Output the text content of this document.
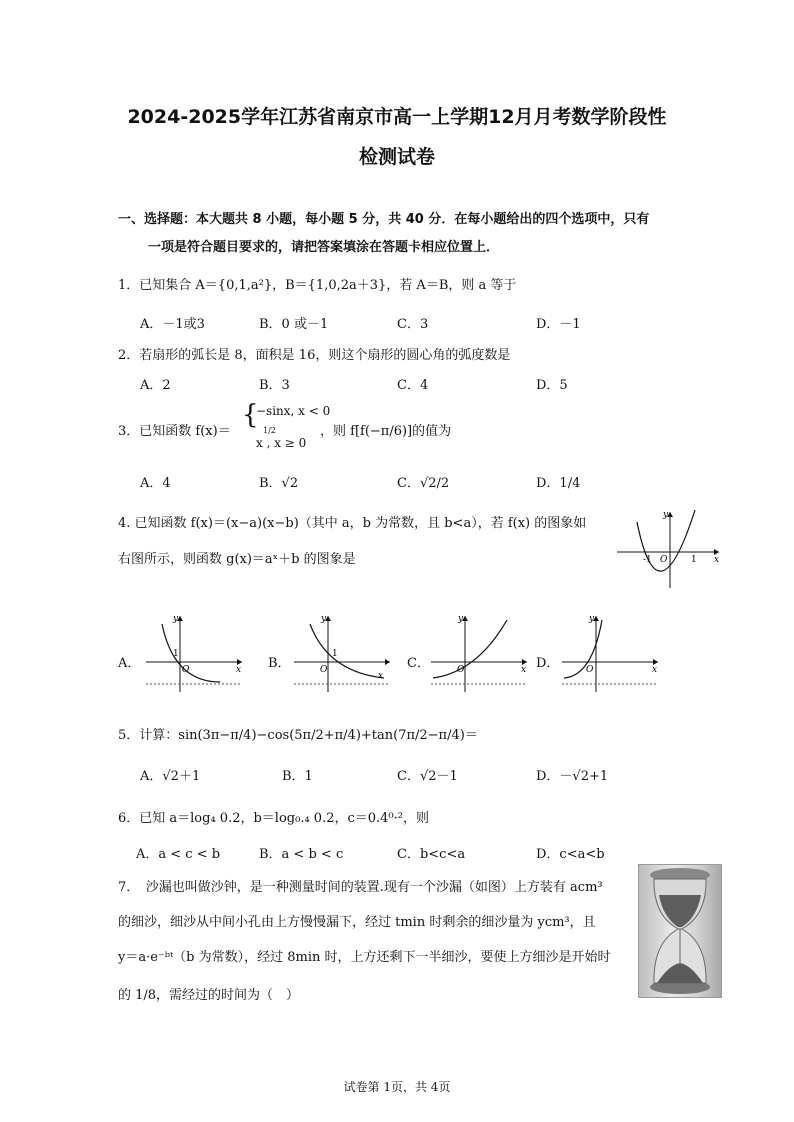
2024-2025学年江苏省南京市高一上学期12月月考数学阶段性
检测试卷
一、选择题：本大题共 8 小题，每小题 5 分，共 40 分．在每小题给出的四个选项中，只有
一项是符合题目要求的，请把答案填涂在答题卡相应位置上．
1．已知集合 A＝{0,1,a²}，B＝{1,0,2a＋3}，若 A＝B，则 a 等于
A．－1或3	B．0 或－1	C．3	D．－1
2．若扇形的弧长是 8，面积是 16，则这个扇形的圆心角的弧度数是
A．2	B．3	C．4	D．5
3．已知函数 f(x)＝
{
−sinx, x < 0
1/2
x , x ≥ 0
，则 f[f(−π/6)]的值为
A．4	B．√2	C．√2/2	D．1/4
4. 已知函数 f(x)＝(x−a)(x−b)（其中 a，b 为常数，且 b<a），若 f(x) 的图象如
右图所示，则函数 g(x)＝aˣ＋b 的图象是	x
y
-1 O	1
A．	x
y
1
O	B．
x
y
1
O	C．	x
y
O	D．	x
y
O
5．计算：sin(3π−π/4)−cos(5π/2+π/4)+tan(7π/2−π/4)＝
A．√2＋1	B．1	C．√2－1	D．－√2+1
6．已知 a＝log₄ 0.2，b＝log₀.₄ 0.2，c＝0.4⁰·²，则
A．a < c < b	B．a < b < c	C．b<c<a	D．c<a<b
7．　沙漏也叫做沙钟，是一种测量时间的装置.现有一个沙漏（如图）上方装有 acm³
的细沙，细沙从中间小孔由上方慢慢漏下，经过 tmin 时剩余的细沙量为 ycm³，且
y＝a·e⁻ᵇᵗ（b 为常数），经过 8min 时，上方还剩下一半细沙，要使上方细沙是开始时
的 1/8，需经过的时间为（　）
试卷第 1页，共 4页
